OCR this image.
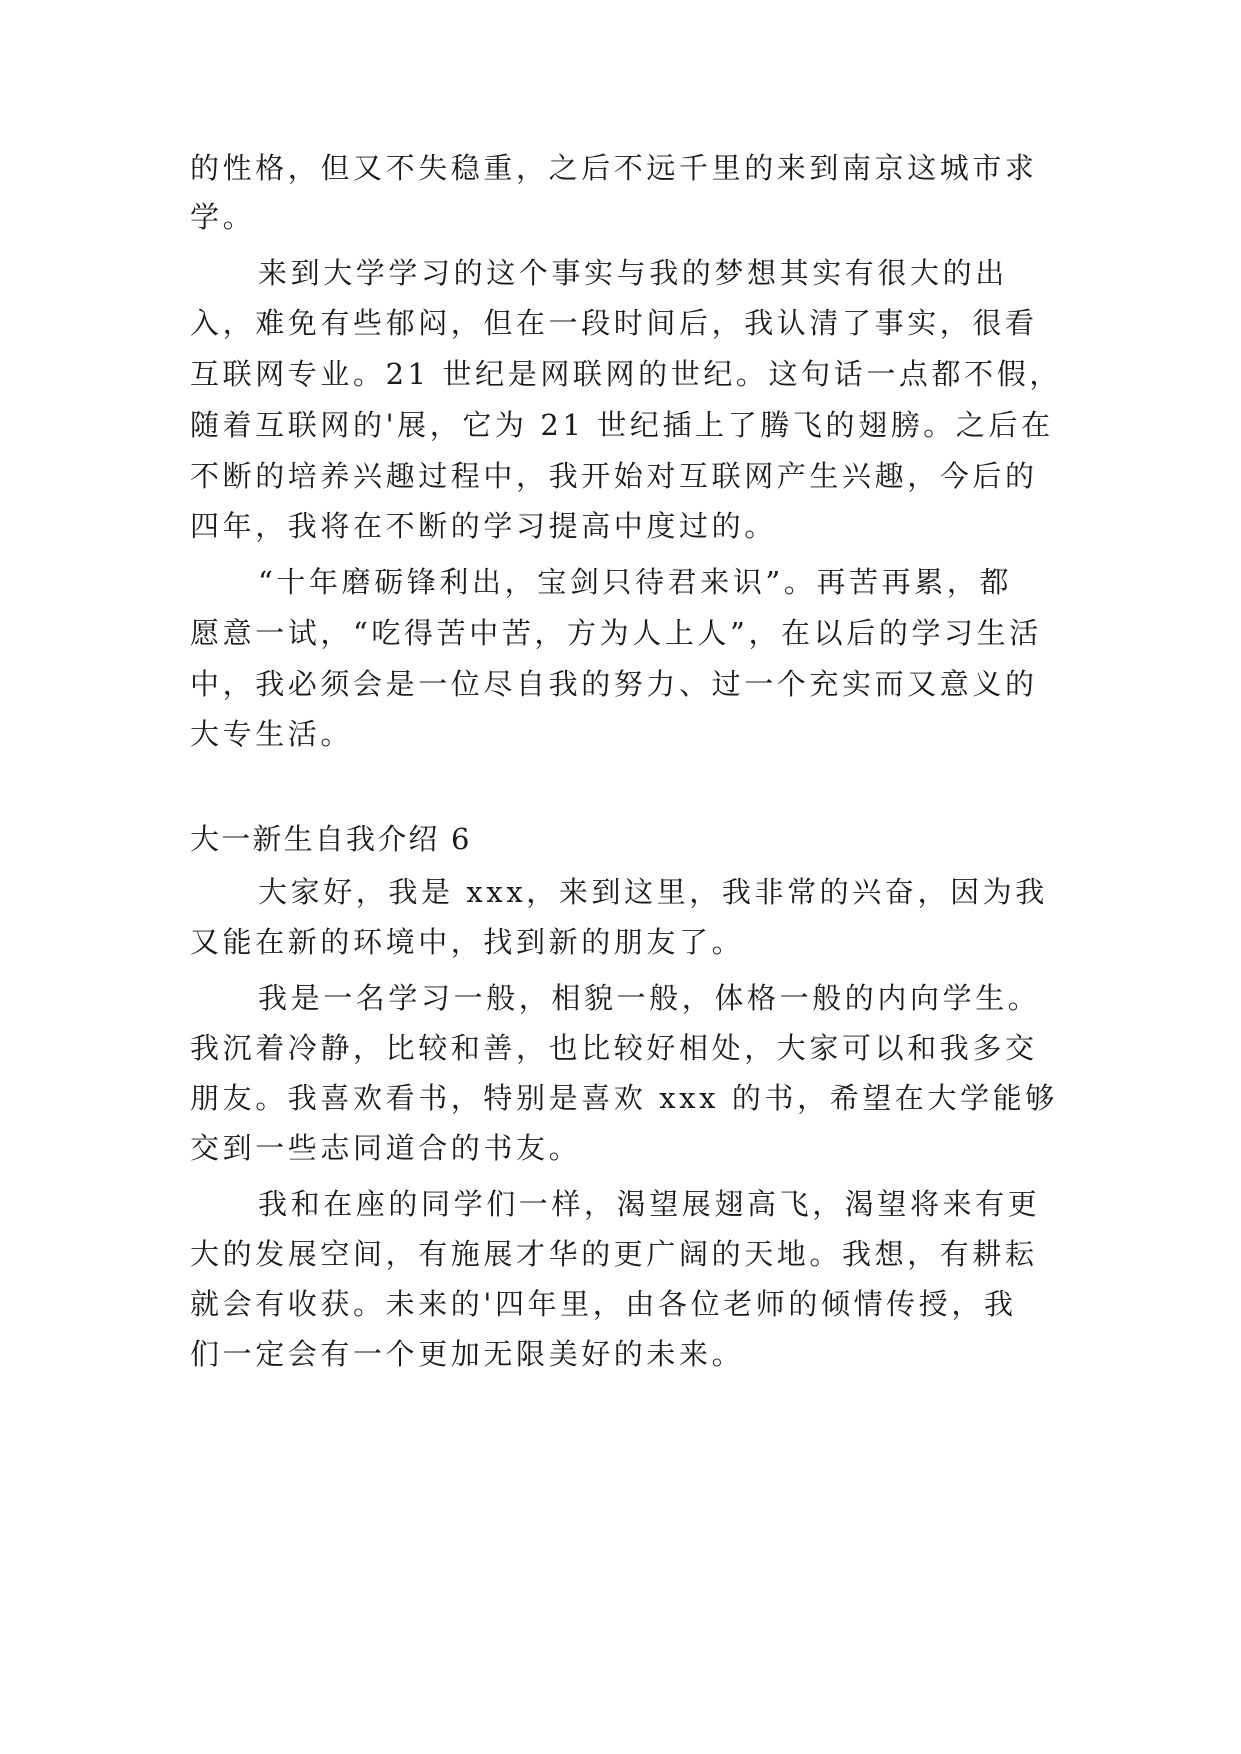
的性格，但又不失稳重，之后不远千里的来到南京这城市求
学。
来到大学学习的这个事实与我的梦想其实有很大的出
入，难免有些郁闷，但在一段时间后，我认清了事实，很看
互联网专业。21 世纪是网联网的世纪。这句话一点都不假，
随着互联网的'展，它为 21 世纪插上了腾飞的翅膀。之后在
不断的培养兴趣过程中，我开始对互联网产生兴趣，今后的
四年，我将在不断的学习提高中度过的。
“十年磨砺锋利出，宝剑只待君来识”。再苦再累，都
愿意一试，“吃得苦中苦，方为人上人”，在以后的学习生活
中，我必须会是一位尽自我的努力、过一个充实而又意义的
大专生活。
大一新生自我介绍 6
大家好，我是 xxx，来到这里，我非常的兴奋，因为我
又能在新的环境中，找到新的朋友了。
我是一名学习一般，相貌一般，体格一般的内向学生。
我沉着冷静，比较和善，也比较好相处，大家可以和我多交
朋友。我喜欢看书，特别是喜欢 xxx 的书，希望在大学能够
交到一些志同道合的书友。
我和在座的同学们一样，渴望展翅高飞，渴望将来有更
大的发展空间，有施展才华的更广阔的天地。我想，有耕耘
就会有收获。未来的'四年里，由各位老师的倾情传授，我
们一定会有一个更加无限美好的未来。
